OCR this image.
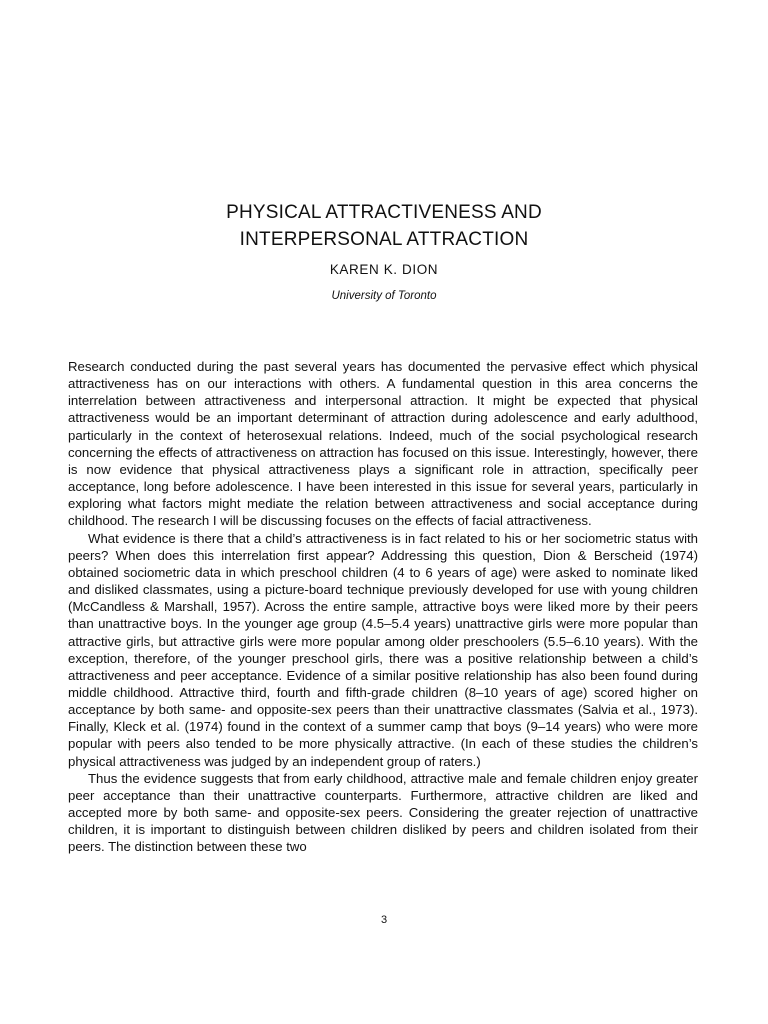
PHYSICAL ATTRACTIVENESS AND
INTERPERSONAL ATTRACTION
KAREN K. DION
University of Toronto

Research conducted during the past several years has documented the pervasive effect which physical attractiveness has on our interactions with others. A fundamental question in this area concerns the interrelation between attractiveness and interpersonal attraction. It might be expected that physical attractiveness would be an important determinant of attraction during adolescence and early adulthood, particularly in the context of heterosexual relations. Indeed, much of the social psychological research concerning the effects of attractiveness on attraction has focused on this issue. Interestingly, however, there is now evidence that physical attractiveness plays a significant role in attraction, specifically peer acceptance, long before adolescence. I have been interested in this issue for several years, particularly in exploring what factors might mediate the relation between attractiveness and social acceptance during childhood. The research I will be discussing focuses on the effects of facial attractiveness.

What evidence is there that a child’s attractiveness is in fact related to his or her sociometric status with peers? When does this interrelation first appear? Addressing this question, Dion & Berscheid (1974) obtained sociometric data in which preschool children (4 to 6 years of age) were asked to nominate liked and disliked classmates, using a picture-board technique previously developed for use with young children (McCandless & Marshall, 1957). Across the entire sample, attractive boys were liked more by their peers than unattractive boys. In the younger age group (4.5–5.4 years) unattractive girls were more popular than attractive girls, but attractive girls were more popular among older preschoolers (5.5–6.10 years). With the exception, therefore, of the younger preschool girls, there was a positive relationship between a child’s attractiveness and peer acceptance. Evidence of a similar positive relationship has also been found during middle childhood. Attractive third, fourth and fifth-grade children (8–10 years of age) scored higher on acceptance by both same- and opposite-sex peers than their unattractive classmates (Salvia et al., 1973). Finally, Kleck et al. (1974) found in the context of a summer camp that boys (9–14 years) who were more popular with peers also tended to be more physically attractive. (In each of these studies the children’s physical attractiveness was judged by an independent group of raters.)

Thus the evidence suggests that from early childhood, attractive male and female children enjoy greater peer acceptance than their unattractive counterparts. Furthermore, attractive children are liked and accepted more by both same- and opposite-sex peers. Considering the greater rejection of unattractive children, it is important to distinguish between children disliked by peers and children isolated from their peers. The distinction between these two

3
